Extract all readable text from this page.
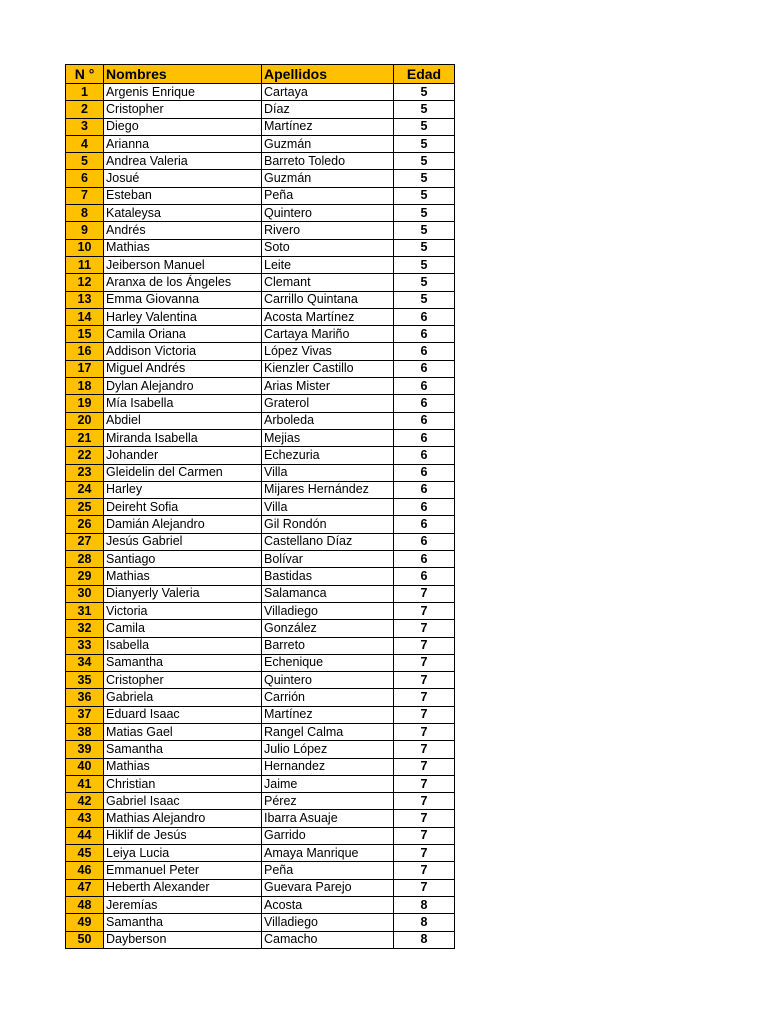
N °	Nombres	Apellidos	Edad
1	Argenis Enrique	Cartaya	5
2	Cristopher	Díaz	5
3	Diego	Martínez	5
4	Arianna	Guzmán	5
5	Andrea Valeria	Barreto Toledo	5
6	Josué	Guzmán	5
7	Esteban	Peña	5
8	Kataleysa	Quintero	5
9	Andrés	Rivero	5
10	Mathias	Soto	5
11	Jeiberson Manuel	Leite	5
12	Aranxa de los Ángeles	Clemant	5
13	Emma Giovanna	Carrillo Quintana	5
14	Harley Valentina	Acosta Martínez	6
15	Camila Oriana	Cartaya Mariño	6
16	Addison Victoria	López Vivas	6
17	Miguel Andrés	Kienzler Castillo	6
18	Dylan Alejandro	Arias Mister	6
19	Mía Isabella	Graterol	6
20	Abdiel	Arboleda	6
21	Miranda Isabella	Mejias	6
22	Johander	Echezuria	6
23	Gleidelin del Carmen	Villa	6
24	Harley	Mijares Hernández	6
25	Deireht Sofia	Villa	6
26	Damián Alejandro	Gil Rondón	6
27	Jesús Gabriel	Castellano Díaz	6
28	Santiago	Bolívar	6
29	Mathias	Bastidas	6
30	Dianyerly Valeria	Salamanca	7
31	Victoria	Villadiego	7
32	Camila	González	7
33	Isabella	Barreto	7
34	Samantha	Echenique	7
35	Cristopher	Quintero	7
36	Gabriela	Carrión	7
37	Eduard Isaac	Martínez	7
38	Matias Gael	Rangel Calma	7
39	Samantha	Julio López	7
40	Mathias	Hernandez	7
41	Christian	Jaime	7
42	Gabriel Isaac	Pérez	7
43	Mathias Alejandro	Ibarra Asuaje	7
44	Hiklif de Jesús	Garrido	7
45	Leiya Lucia	Amaya Manrique	7
46	Emmanuel Peter	Peña	7
47	Heberth Alexander	Guevara Parejo	7
48	Jeremías	Acosta	8
49	Samantha	Villadiego	8
50	Dayberson	Camacho	8
